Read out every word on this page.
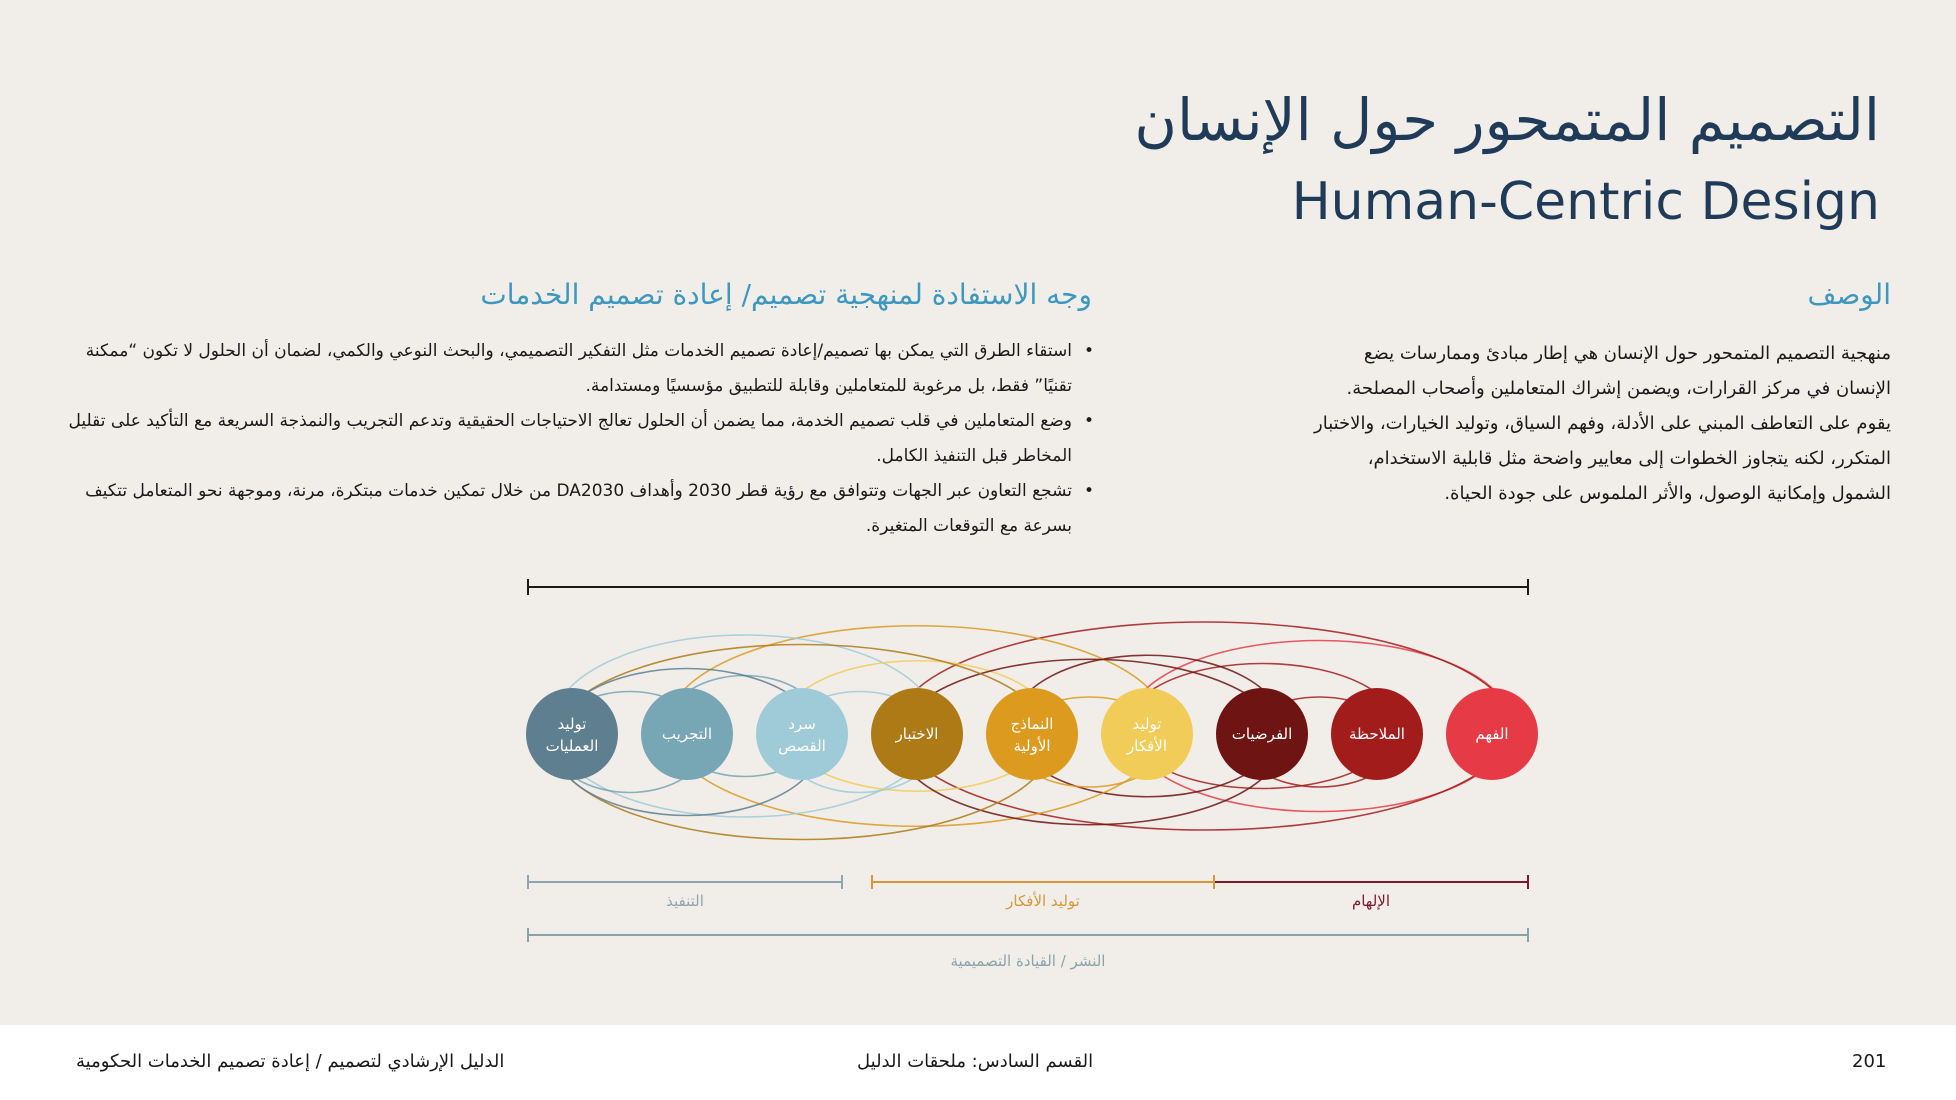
التصميم المتمحور حول الإنسان
Human-Centric Design
الوصف
منهجية التصميم المتمحور حول الإنسان هي إطار مبادئ وممارسات يضع الإنسان في مركز القرارات، ويضمن إشراك المتعاملين وأصحاب المصلحة. يقوم على التعاطف المبني على الأدلة، وفهم السياق، وتوليد الخيارات، والاختبار المتكرر، لكنه يتجاوز الخطوات إلى معايير واضحة مثل قابلية الاستخدام، الشمول وإمكانية الوصول، والأثر الملموس على جودة الحياة.
وجه الاستفادة لمنهجية تصميم/ إعادة تصميم الخدمات
• استقاء الطرق التي يمكن بها تصميم/إعادة تصميم الخدمات مثل التفكير التصميمي، والبحث النوعي والكمي، لضمان أن الحلول لا تكون “ممكنة تقنيًا” فقط، بل مرغوبة للمتعاملين وقابلة للتطبيق مؤسسيًا ومستدامة.
• وضع المتعاملين في قلب تصميم الخدمة، مما يضمن أن الحلول تعالج الاحتياجات الحقيقية وتدعم التجريب والنمذجة السريعة مع التأكيد على تقليل المخاطر قبل التنفيذ الكامل.
• تشجع التعاون عبر الجهات وتتوافق مع رؤية قطر 2030 وأهداف DA2030 من خلال تمكين خدمات مبتكرة، مرنة، وموجهة نحو المتعامل تتكيف بسرعة مع التوقعات المتغيرة.
الفهم
الملاحظة
الفرضيات
توليد
الأفكار
النماذج
الأولية
الاختبار
سرد
القصص
التجريب
توليد
العمليات
الإلهام
توليد الأفكار
التنفيذ
النشر / القيادة التصميمية
201
القسم السادس: ملحقات الدليل
الدليل الإرشادي لتصميم / إعادة تصميم الخدمات الحكومية
